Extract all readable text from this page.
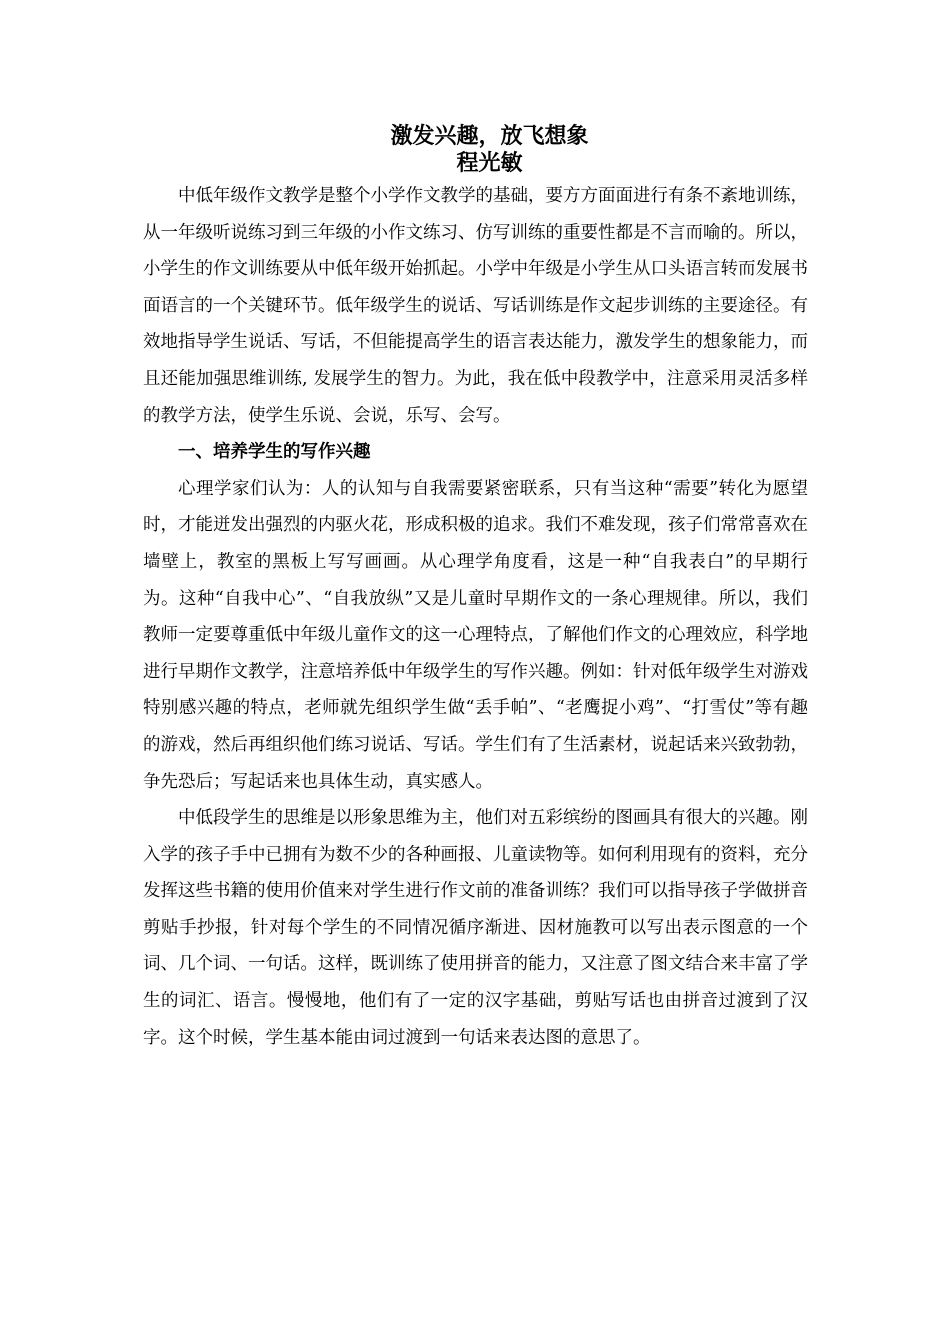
激发兴趣，放飞想象
程光敏

中低年级作文教学是整个小学作文教学的基础，要方方面面进行有条不紊地训练，从一年级听说练习到三年级的小作文练习、仿写训练的重要性都是不言而喻的。所以，小学生的作文训练要从中低年级开始抓起。小学中年级是小学生从口头语言转而发展书面语言的一个关键环节。低年级学生的说话、写话训练是作文起步训练的主要途径。有效地指导学生说话、写话，不但能提高学生的语言表达能力，激发学生的想象能力，而且还能加强思维训练, 发展学生的智力。为此，我在低中段教学中，注意采用灵活多样的教学方法，使学生乐说、会说，乐写、会写。

一、培养学生的写作兴趣

心理学家们认为：人的认知与自我需要紧密联系，只有当这种“需要”转化为愿望时，才能迸发出强烈的内驱火花，形成积极的追求。我们不难发现，孩子们常常喜欢在墙壁上，教室的黑板上写写画画。从心理学角度看，这是一种“自我表白”的早期行为。这种“自我中心”、“自我放纵”又是儿童时早期作文的一条心理规律。所以，我们教师一定要尊重低中年级儿童作文的这一心理特点，了解他们作文的心理效应，科学地进行早期作文教学，注意培养低中年级学生的写作兴趣。例如：针对低年级学生对游戏特别感兴趣的特点，老师就先组织学生做“丢手帕”、“老鹰捉小鸡”、“打雪仗”等有趣的游戏，然后再组织他们练习说话、写话。学生们有了生活素材，说起话来兴致勃勃，争先恐后；写起话来也具体生动，真实感人。

中低段学生的思维是以形象思维为主，他们对五彩缤纷的图画具有很大的兴趣。刚入学的孩子手中已拥有为数不少的各种画报、儿童读物等。如何利用现有的资料，充分发挥这些书籍的使用价值来对学生进行作文前的准备训练？我们可以指导孩子学做拼音剪贴手抄报，针对每个学生的不同情况循序渐进、因材施教可以写出表示图意的一个词、几个词、一句话。这样，既训练了使用拼音的能力，又注意了图文结合来丰富了学生的词汇、语言。慢慢地，他们有了一定的汉字基础，剪贴写话也由拼音过渡到了汉字。这个时候，学生基本能由词过渡到一句话来表达图的意思了。
